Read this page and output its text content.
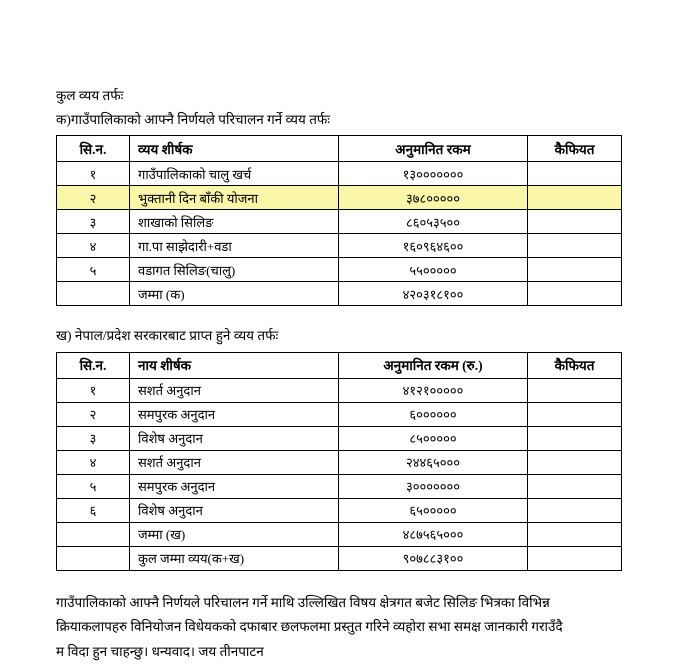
कुल व्यय तर्फः

क)गाउँपालिकाको आफ्नै निर्णयले परिचालन गर्ने व्यय तर्फः

सि.न.	व्यय शीर्षक	अनुमानित रकम	कैफियत
१	गाउँपालिकाको चालु खर्च	१३०००००००	
२	भुक्तानी दिन बाँकी योजना	३७८०००००	
३	शाखाको सिलिङ	८६०५३५००	
४	गा.पा साझेदारी+वडा	१६०९६४६००	
५	वडागत सिलिङ(चालु)	५५०००००	
	जम्मा (क)	४२०३१८१००	

ख) नेपाल/प्रदेश सरकारबाट प्राप्त हुने व्यय तर्फः

सि.न.	नाय शीर्षक	अनुमानित रकम (रु.)	कैफियत
१	सशर्त अनुदान	४१२१०००००	
२	समपुरक अनुदान	६००००००	
३	विशेष अनुदान	८५०००००	
४	सशर्त अनुदान	२४४६५०००	
५	समपुरक अनुदान	३०००००००	
६	विशेष अनुदान	६५०००००	
	जम्मा (ख)	४८७५६५०००	
	कुल जम्मा व्यय(क+ख)	९०७८८३१००	

गाउँपालिकाको आफ्नै निर्णयले परिचालन गर्ने माथि उल्लिखित विषय क्षेत्रगत बजेट सिलिङ भित्रका विभिन्न

क्रियाकलापहरु विनियोजन विधेयकको दफाबार छलफलमा प्रस्तुत गरिने व्यहोरा सभा समक्ष जानकारी गराउँदै

म विदा हुन चाहन्छु। धन्यवाद। जय तीनपाटन
